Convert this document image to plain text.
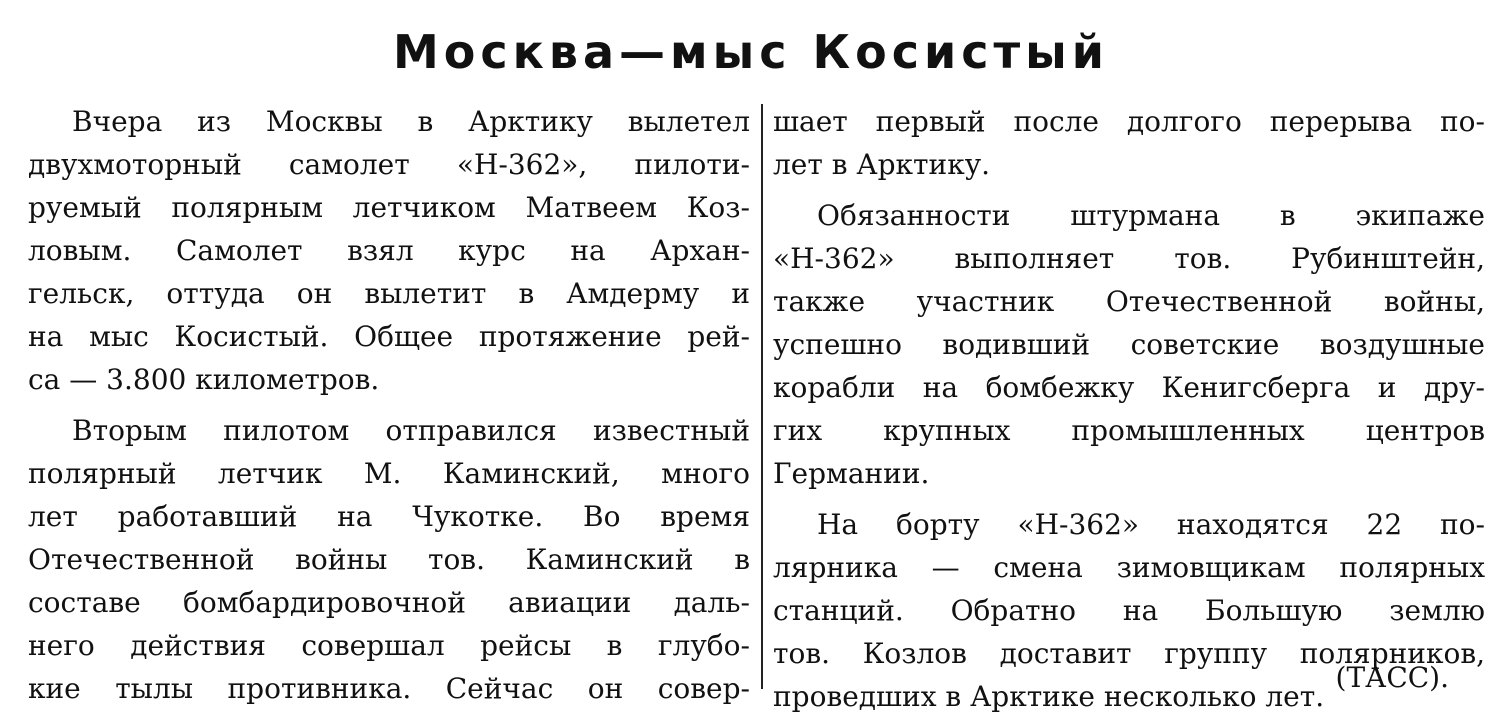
Москва—мыс Косистый

Вчера из Москвы в Арктику вылетел
двухмоторный самолет «Н-362», пилоти-
руемый полярным летчиком Матвеем Коз-
ловым. Самолет взял курс на Архан-
гельск, оттуда он вылетит в Амдерму и
на мыс Косистый. Общее протяжение рей-
са — 3.800 километров.

Вторым пилотом отправился известный
полярный летчик М. Каминский, много
лет работавший на Чукотке. Во время
Отечественной войны тов. Каминский в
составе бомбардировочной авиации даль-
него действия совершал рейсы в глубо-
кие тылы противника. Сейчас он совер-

шает первый после долгого перерыва по-
лет в Арктику.

Обязанности штурмана в экипаже
«Н-362» выполняет тов. Рубинштейн,
также участник Отечественной войны,
успешно водивший советские воздушные
корабли на бомбежку Кенигсберга и дру-
гих крупных промышленных центров
Германии.

На борту «Н-362» находятся 22 по-
лярника — смена зимовщикам полярных
станций. Обратно на Большую землю
тов. Козлов доставит группу полярников,
проведших в Арктике несколько лет.

(ТАСС).
